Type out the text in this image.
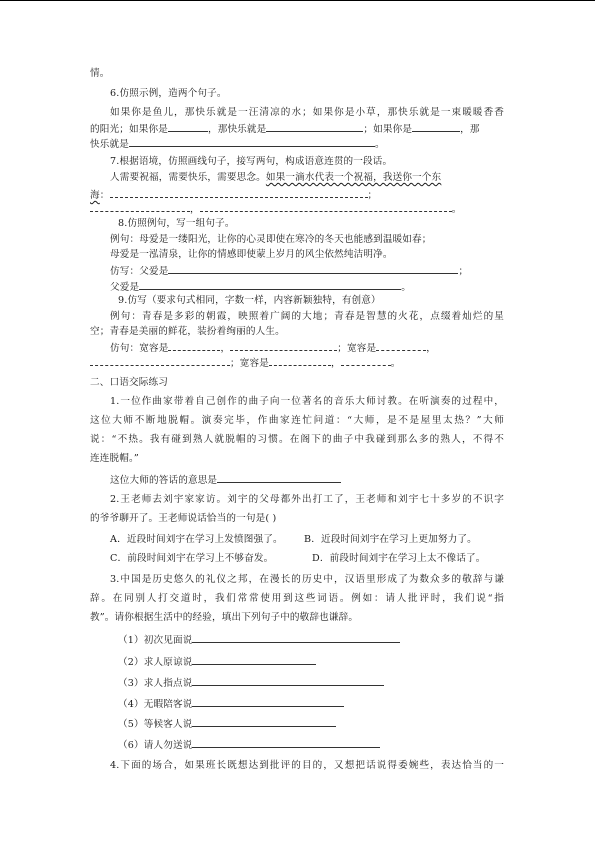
情。
6.仿照示例，造两个句子。
如果你是鱼儿，那快乐就是一汪清凉的水；如果你是小草，那快乐就是一束暖暖香香
的阳光；如果你是	，那快乐就是	；如果你是	，那
快乐就是	。
7.根据语境，仿照画线句子，接写两句，构成语意连贯的一段话。
人需要祝福，需要快乐，需要思念。如果一滴水代表一个祝福，我送你一个东
海：	；
，	。
8.仿照例句，写一组句子。
例句：母爱是一缕阳光，让你的心灵即使在寒冷的冬天也能感到温暖如春；
母爱是一泓清泉，让你的情感即使蒙上岁月的风尘依然纯洁明净。
仿写：父爱是	；
父爱是	。
9.仿写（要求句式相同，字数一样，内容新颖独特，有创意）
例句：青春是多彩的朝霞，映照着广阔的大地；青春是智慧的火花，点缀着灿烂的星
空；青春是美丽的鲜花，装扮着绚丽的人生。
仿句：宽容是	，	；宽容是	，
；宽容是	，	。
二、口语交际练习
1.一位作曲家带着自己创作的曲子向一位著名的音乐大师讨教。在听演奏的过程中，
这位大师不断地脱帽。演奏完毕，作曲家连忙问道：“大师，是不是屋里太热？”大师
说：“不热。我有碰到熟人就脱帽的习惯。在阁下的曲子中我碰到那么多的熟人，不得不
连连脱帽。”
这位大师的答话的意思是
2.王老师去刘宇家家访。刘宇的父母都外出打工了，王老师和刘宇七十多岁的不识字
的爷爷聊开了。王老师说话恰当的一句是( )
A．近段时间刘宇在学习上发愤图强了。 B．近段时间刘宇在学习上更加努力了。
C．前段时间刘宇在学习上不够奋发。	D．前段时间刘宇在学习上太不像话了。
3.中国是历史悠久的礼仪之邦，在漫长的历史中，汉语里形成了为数众多的敬辞与谦
辞。在同别人打交道时，我们常常使用到这些词语。例如：请人批评时，我们说“指
教”。请你根据生活中的经验，填出下列句子中的敬辞也谦辞。
（1）初次见面说
（2）求人原谅说
（3）求人指点说
（4）无暇陪客说
（5）等候客人说
（6）请人勿送说
4.下面的场合，如果班长既想达到批评的目的，又想把话说得委婉些，表达恰当的一
